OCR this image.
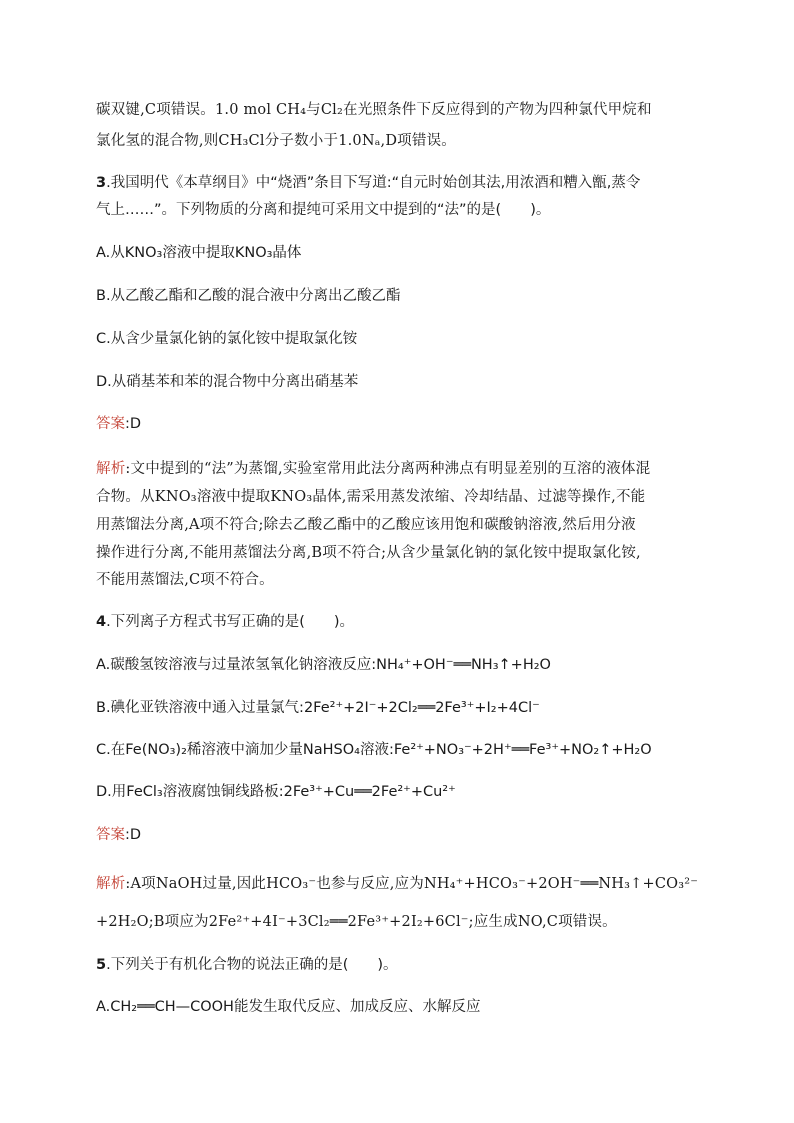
碳双键,C项错误。1.0 mol CH₄与Cl₂在光照条件下反应得到的产物为四种氯代甲烷和
氯化氢的混合物,则CH₃Cl分子数小于1.0Nₐ,D项错误。
3.我国明代《本草纲目》中“烧酒”条目下写道:“自元时始创其法,用浓酒和糟入甑,蒸令
气上……”。下列物质的分离和提纯可采用文中提到的“法”的是(　　)。
A.从KNO₃溶液中提取KNO₃晶体
B.从乙酸乙酯和乙酸的混合液中分离出乙酸乙酯
C.从含少量氯化钠的氯化铵中提取氯化铵
D.从硝基苯和苯的混合物中分离出硝基苯
答案:D
解析:文中提到的“法”为蒸馏,实验室常用此法分离两种沸点有明显差别的互溶的液体混
合物。从KNO₃溶液中提取KNO₃晶体,需采用蒸发浓缩、冷却结晶、过滤等操作,不能
用蒸馏法分离,A项不符合;除去乙酸乙酯中的乙酸应该用饱和碳酸钠溶液,然后用分液
操作进行分离,不能用蒸馏法分离,B项不符合;从含少量氯化钠的氯化铵中提取氯化铵,
不能用蒸馏法,C项不符合。
4.下列离子方程式书写正确的是(　　)。
A.碳酸氢铵溶液与过量浓氢氧化钠溶液反应:NH₄⁺+OH⁻══NH₃↑+H₂O
B.碘化亚铁溶液中通入过量氯气:2Fe²⁺+2I⁻+2Cl₂══2Fe³⁺+I₂+4Cl⁻
C.在Fe(NO₃)₂稀溶液中滴加少量NaHSO₄溶液:Fe²⁺+NO₃⁻+2H⁺══Fe³⁺+NO₂↑+H₂O
D.用FeCl₃溶液腐蚀铜线路板:2Fe³⁺+Cu══2Fe²⁺+Cu²⁺
答案:D
解析:A项NaOH过量,因此HCO₃⁻也参与反应,应为NH₄⁺+HCO₃⁻+2OH⁻══NH₃↑+CO₃²⁻
+2H₂O;B项应为2Fe²⁺+4I⁻+3Cl₂══2Fe³⁺+2I₂+6Cl⁻;应生成NO,C项错误。
5.下列关于有机化合物的说法正确的是(　　)。
A.CH₂══CH—COOH能发生取代反应、加成反应、水解反应
